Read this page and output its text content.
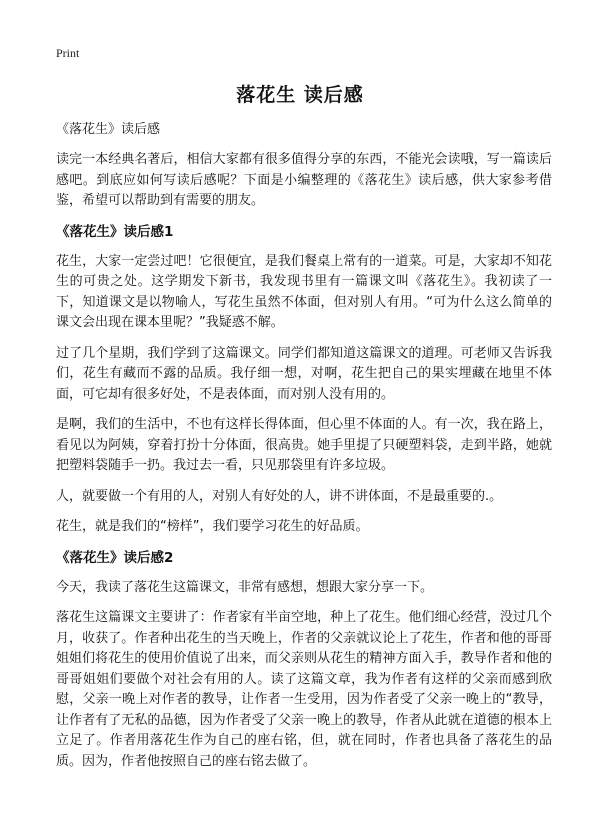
Print
落花生 读后感

《落花生》读后感

读完一本经典名著后，相信大家都有很多值得分享的东西，不能光会读哦，写一篇读后感吧。到底应如何写读后感呢？下面是小编整理的《落花生》读后感，供大家参考借鉴，希望可以帮助到有需要的朋友。

《落花生》读后感1

花生，大家一定尝过吧！它很便宜，是我们餐桌上常有的一道菜。可是，大家却不知花生的可贵之处。这学期发下新书，我发现书里有一篇课文叫《落花生》。我初读了一下，知道课文是以物喻人，写花生虽然不体面，但对别人有用。“可为什么这么简单的课文会出现在课本里呢？”我疑惑不解。

过了几个星期，我们学到了这篇课文。同学们都知道这篇课文的道理。可老师又告诉我们，花生有藏而不露的品质。我仔细一想，对啊，花生把自己的果实埋藏在地里不体面，可它却有很多好处，不是表体面，而对别人没有用的。

是啊，我们的生活中，不也有这样长得体面，但心里不体面的人。有一次，我在路上，看见以为阿姨，穿着打扮十分体面，很高贵。她手里提了只硬塑料袋，走到半路，她就把塑料袋随手一扔。我过去一看，只见那袋里有许多垃圾。

人，就要做一个有用的人，对别人有好处的人，讲不讲体面，不是最重要的.。

花生，就是我们的“榜样”，我们要学习花生的好品质。

《落花生》读后感2

今天，我读了落花生这篇课文，非常有感想，想跟大家分享一下。

落花生这篇课文主要讲了：作者家有半亩空地，种上了花生。他们细心经营，没过几个月，收获了。作者种出花生的当天晚上，作者的父亲就议论上了花生，作者和他的哥哥姐姐们将花生的使用价值说了出来，而父亲则从花生的精神方面入手，教导作者和他的哥哥姐姐们要做个对社会有用的人。读了这篇文章，我为作者有这样的父亲而感到欣慰，父亲一晚上对作者的教导，让作者一生受用，因为作者受了父亲一晚上的“教导，让作者有了无私的品德，因为作者受了父亲一晚上的教导，作者从此就在道德的根本上立足了。作者用落花生作为自己的座右铭，但，就在同时，作者也具备了落花生的品质。因为，作者他按照自己的座右铭去做了。
